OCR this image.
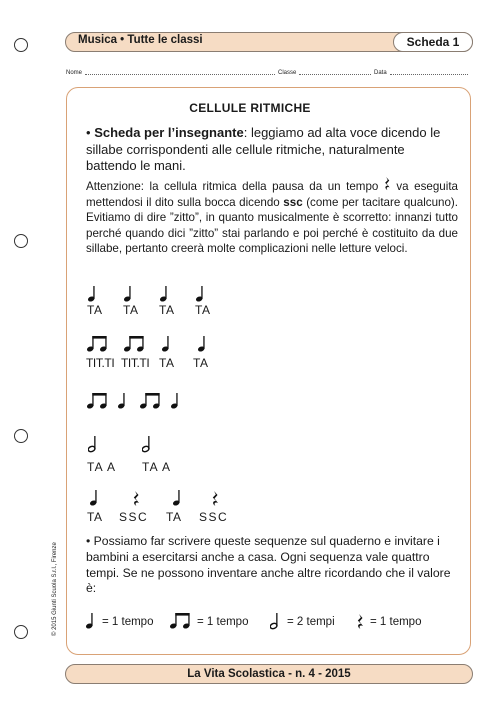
Musica • Tutte le classi	Scheda 1
Nome	Classe	Data
© 2015 Giunti Scuola S.r.l., Firenze
CELLULE RITMICHE
• Scheda per l’insegnante: leggiamo ad alta voce dicendo le sillabe corrispondenti alle cellule ritmiche, naturalmente battendo le mani.
Attenzione: la cellula ritmica della pausa da un tempo  va eseguita mettendosi il dito sulla bocca dicendo ssc (come per tacitare qualcuno). Evitiamo di dire ”zitto”, in quanto musicalmente è scorretto: innanzi tutto perché quando dici ”zitto” stai parlando e poi perché è costituito da due sillabe, pertanto creerà molte complicazioni nelle letture veloci.
TA TA TA TA
TIT.TI TIT.TI TA TA
TA A TA A
TA SSC TA SSC
• Possiamo far scrivere queste sequenze sul quaderno e invitare i bambini a esercitarsi anche a casa. Ogni sequenza vale quattro tempi. Se ne possono inventare anche altre ricordando che il valore è:
= 1 tempo	= 1 tempo	= 2 tempi	= 1 tempo
La Vita Scolastica - n. 4 - 2015
